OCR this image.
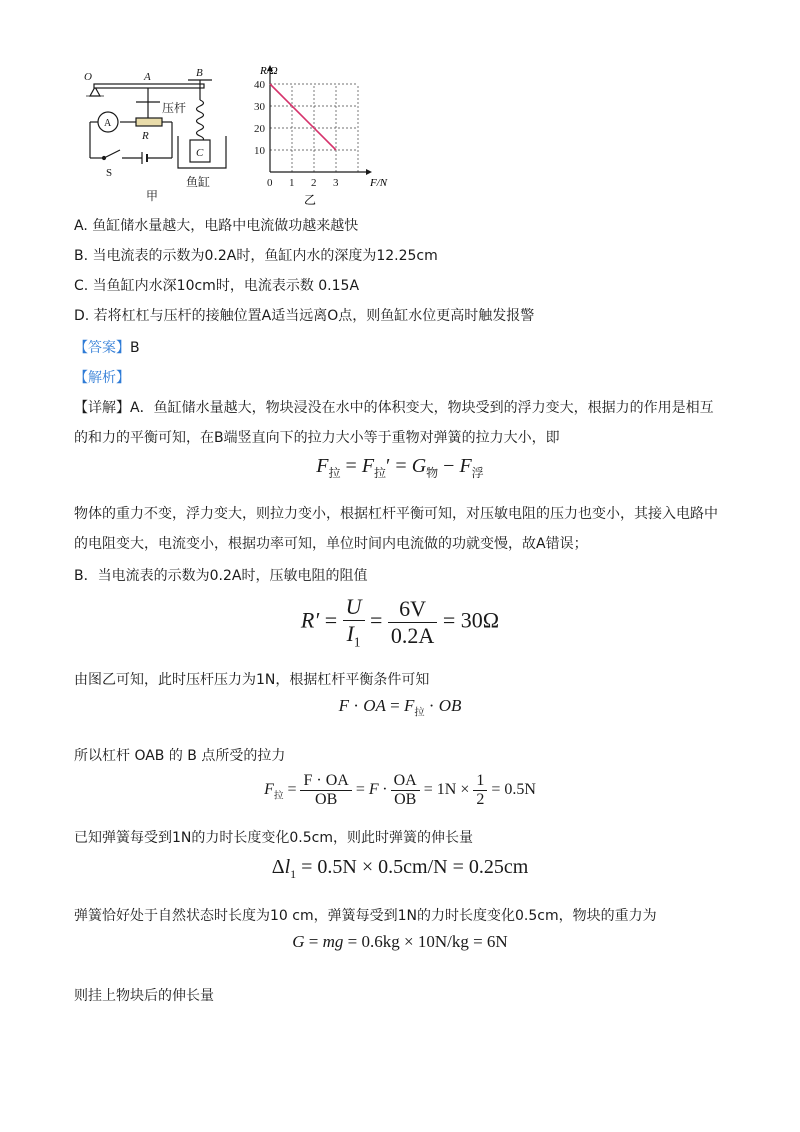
O	A	B
压杆
A
R
C
S
鱼缸
甲
0 1 2 3
10
20
30
40
R/Ω
F/N
乙
A. 鱼缸储水量越大，电路中电流做功越来越快
B. 当电流表的示数为0.2A时，鱼缸内水的深度为12.25cm
C. 当鱼缸内水深10cm时，电流表示数 0.15A
D. 若将杠杠与压杆的接触位置A适当远离O点，则鱼缸水位更高时触发报警
【答案】B
【解析】
【详解】A．鱼缸储水量越大，物块浸没在水中的体积变大，物块受到的浮力变大，根据力的作用是相互
的和力的平衡可知，在B端竖直向下的拉力大小等于重物对弹簧的拉力大小，即
$F_拉 = F_拉' = G_物 - F_浮$
物体的重力不变，浮力变大，则拉力变小，根据杠杆平衡可知，对压敏电阻的压力也变小，其接入电路中
的电阻变大，电流变小，根据功率可知，单位时间内电流做的功就变慢，故A错误；
B．当电流表的示数为0.2A时，压敏电阻的阻值
$R' = \frac{U}{I_1} = \frac{6V}{0.2A} = 30\Omega$
由图乙可知，此时压杆压力为1N，根据杠杆平衡条件可知
F · OA = $F_拉$ · OB
所以杠杆 OAB 的 B 点所受的拉力
$F_拉 = \frac{F \cdot OA}{OB} = F \cdot \frac{OA}{OB} = 1N \times \frac{1}{2} = 0.5N$
已知弹簧每受到1N的力时长度变化0.5cm，则此时弹簧的伸长量
$\Delta l_1 = 0.5N \times 0.5cm/N = 0.25cm$
弹簧恰好处于自然状态时长度为10 cm，弹簧每受到1N的力时长度变化0.5cm，物块的重力为
G = mg = 0.6kg × 10N/kg = 6N
则挂上物块后的伸长量
